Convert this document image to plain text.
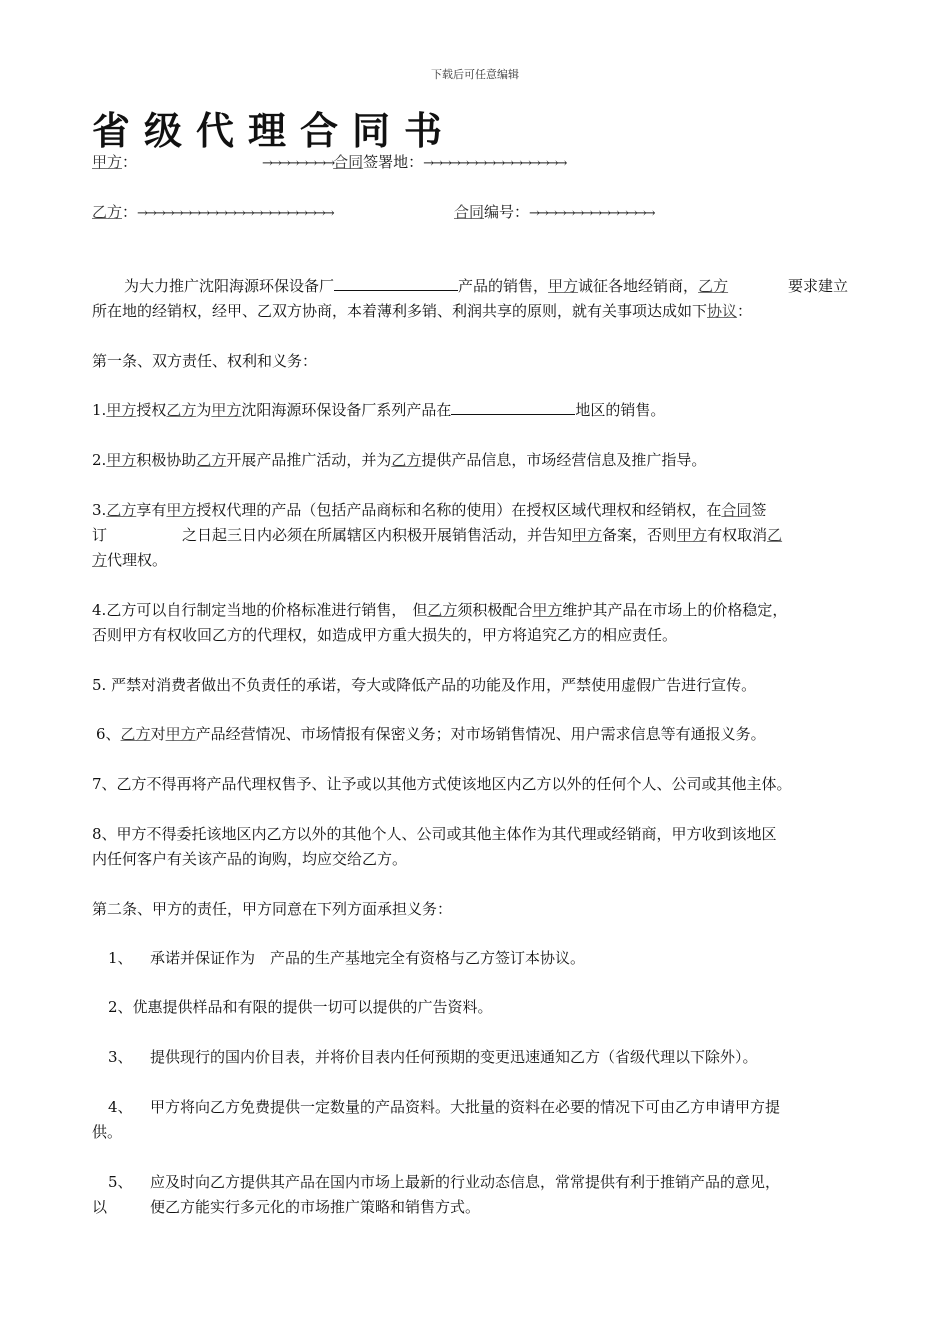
下载后可任意编辑
省级代理合同书
甲方：	→→→→→→→→合同签署地：→→→→→→→→→→→→→→→→
乙方：→→→→→→→→→→→→→→→→→→→→→→	合同编号：→→→→→→→→→→→→→→
为大力推广沈阳海源环保设备厂	产品的销售，甲方诚征各地经销商，乙方	要求建立
所在地的经销权，经甲、乙双方协商，本着薄利多销、利润共享的原则，就有关事项达成如下协议：
第一条、双方责任、权利和义务：
1.甲方授权乙方为甲方沈阳海源环保设备厂系列产品在	地区的销售。
2.甲方积极协助乙方开展产品推广活动，并为乙方提供产品信息，市场经营信息及推广指导。
3.乙方享有甲方授权代理的产品（包括产品商标和名称的使用）在授权区域代理权和经销权，在合同签
订	之日起三日内必须在所属辖区内积极开展销售活动，并告知甲方备案，否则甲方有权取消乙
方代理权。
4.乙方可以自行制定当地的价格标准进行销售， 但乙方须积极配合甲方维护其产品在市场上的价格稳定，
否则甲方有权收回乙方的代理权，如造成甲方重大损失的，甲方将追究乙方的相应责任。
5. 严禁对消费者做出不负责任的承诺，夸大或降低产品的功能及作用，严禁使用虚假广告进行宣传。
6、乙方对甲方产品经营情况、市场情报有保密义务；对市场销售情况、用户需求信息等有通报义务。
7、乙方不得再将产品代理权售予、让予或以其他方式使该地区内乙方以外的任何个人、公司或其他主体。
8、甲方不得委托该地区内乙方以外的其他个人、公司或其他主体作为其代理或经销商，甲方收到该地区
内任何客户有关该产品的询购，均应交给乙方。
第二条、甲方的责任，甲方同意在下列方面承担义务：
1、 承诺并保证作为　产品的生产基地完全有资格与乙方签订本协议。
2、优惠提供样品和有限的提供一切可以提供的广告资料。
3、 提供现行的国内价目表，并将价目表内任何预期的变更迅速通知乙方（省级代理以下除外）。
4、 甲方将向乙方免费提供一定数量的产品资料。大批量的资料在必要的情况下可由乙方申请甲方提
供。
5、 应及时向乙方提供其产品在国内市场上最新的行业动态信息，常常提供有利于推销产品的意见，
以	便乙方能实行多元化的市场推广策略和销售方式。
